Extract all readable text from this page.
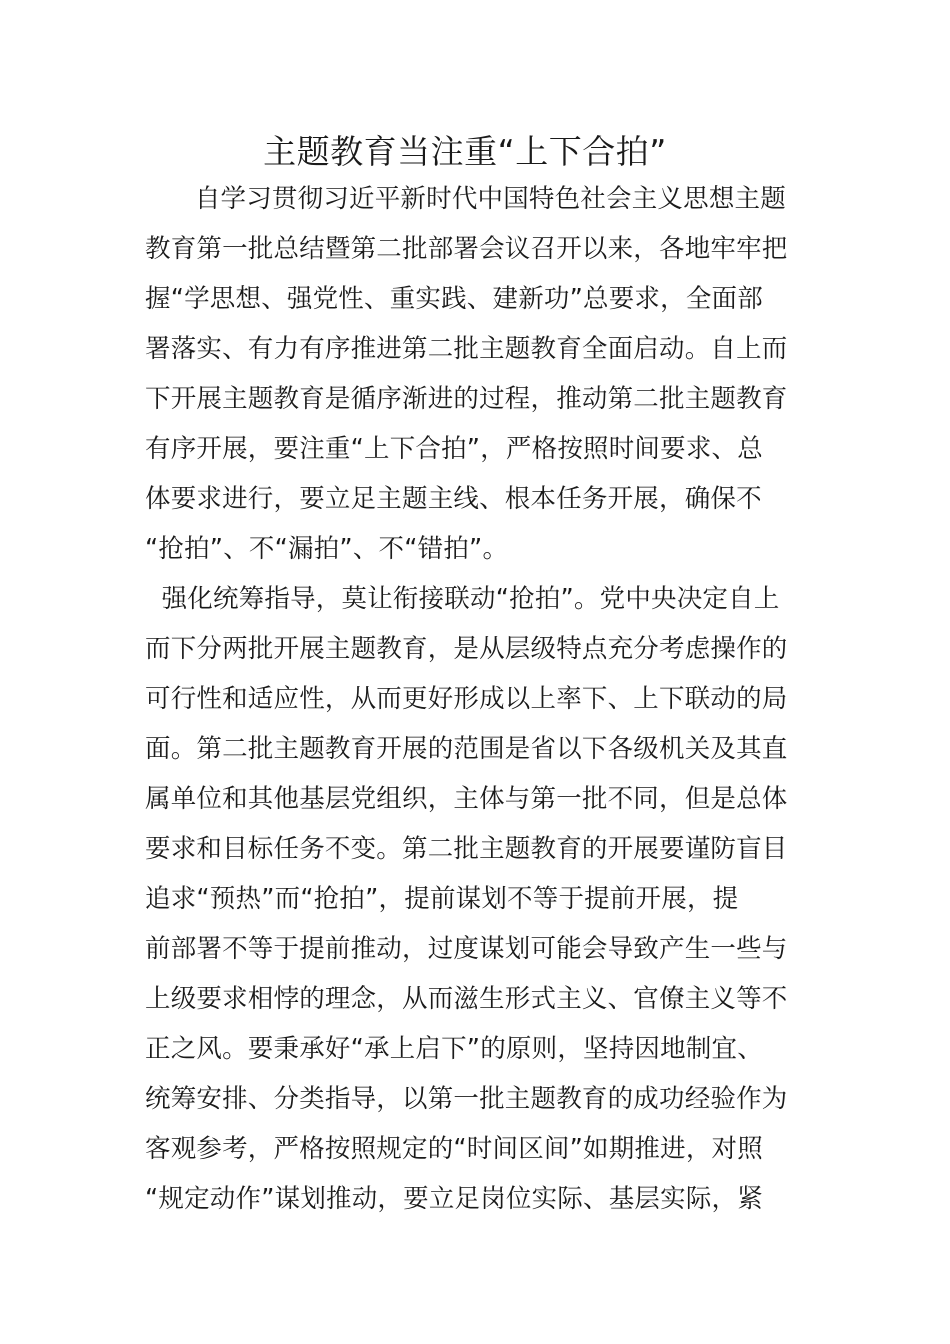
主题教育当注重“上下合拍”
自学习贯彻习近平新时代中国特色社会主义思想主题
教育第一批总结暨第二批部署会议召开以来，各地牢牢把
握“学思想、强党性、重实践、建新功”总要求，全面部
署落实、有力有序推进第二批主题教育全面启动。自上而
下开展主题教育是循序渐进的过程，推动第二批主题教育
有序开展，要注重“上下合拍”，严格按照时间要求、总
体要求进行，要立足主题主线、根本任务开展，确保不
“抢拍”、不“漏拍”、不“错拍”。
强化统筹指导，莫让衔接联动“抢拍”。党中央决定自上
而下分两批开展主题教育，是从层级特点充分考虑操作的
可行性和适应性，从而更好形成以上率下、上下联动的局
面。第二批主题教育开展的范围是省以下各级机关及其直
属单位和其他基层党组织，主体与第一批不同，但是总体
要求和目标任务不变。第二批主题教育的开展要谨防盲目
追求“预热”而“抢拍”，提前谋划不等于提前开展，提
前部署不等于提前推动，过度谋划可能会导致产生一些与
上级要求相悖的理念，从而滋生形式主义、官僚主义等不
正之风。要秉承好“承上启下”的原则，坚持因地制宜、
统筹安排、分类指导，以第一批主题教育的成功经验作为
客观参考，严格按照规定的“时间区间”如期推进，对照
“规定动作”谋划推动，要立足岗位实际、基层实际，紧
